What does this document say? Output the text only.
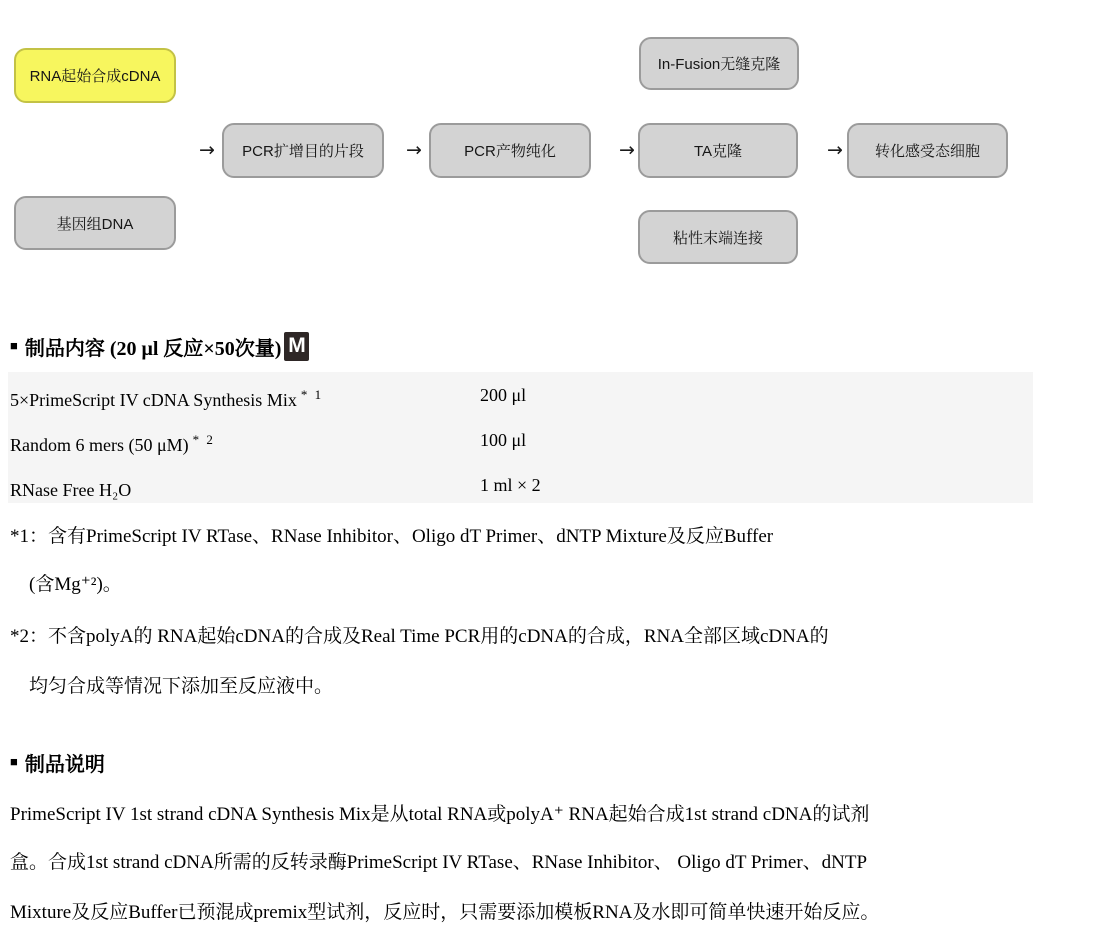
RNA起始合成cDNA
基因组DNA
→	PCR扩增目的片段 →	PCR产物纯化	→
In-Fusion无缝克隆
TA克隆
粘性末端连接
→	转化感受态细胞
■ 制品内容 (20 μl 反应×50次量) M
5×PrimeScript IV cDNA Synthesis Mix $^{* 1}$	200 μl
Random 6 mers (50 μM) $^{* 2}$	100 μl
RNase Free H₂O	1 ml × 2
*1：含有PrimeScript IV RTase、RNase Inhibitor、Oligo dT Primer、dNTP Mixture及反应Buffer
(含Mg⁺²)。
*2：不含polyA的 RNA起始cDNA的合成及Real Time PCR用的cDNA的合成，RNA全部区域cDNA的
均匀合成等情况下添加至反应液中。
■ 制品说明
PrimeScript IV 1st strand cDNA Synthesis Mix是从total RNA或polyA⁺ RNA起始合成1st strand cDNA的试剂
盒。合成1st strand cDNA所需的反转录酶PrimeScript IV RTase、RNase Inhibitor、 Oligo dT Primer、dNTP
Mixture及反应Buffer已预混成premix型试剂，反应时，只需要添加模板RNA及水即可简单快速开始反应。
